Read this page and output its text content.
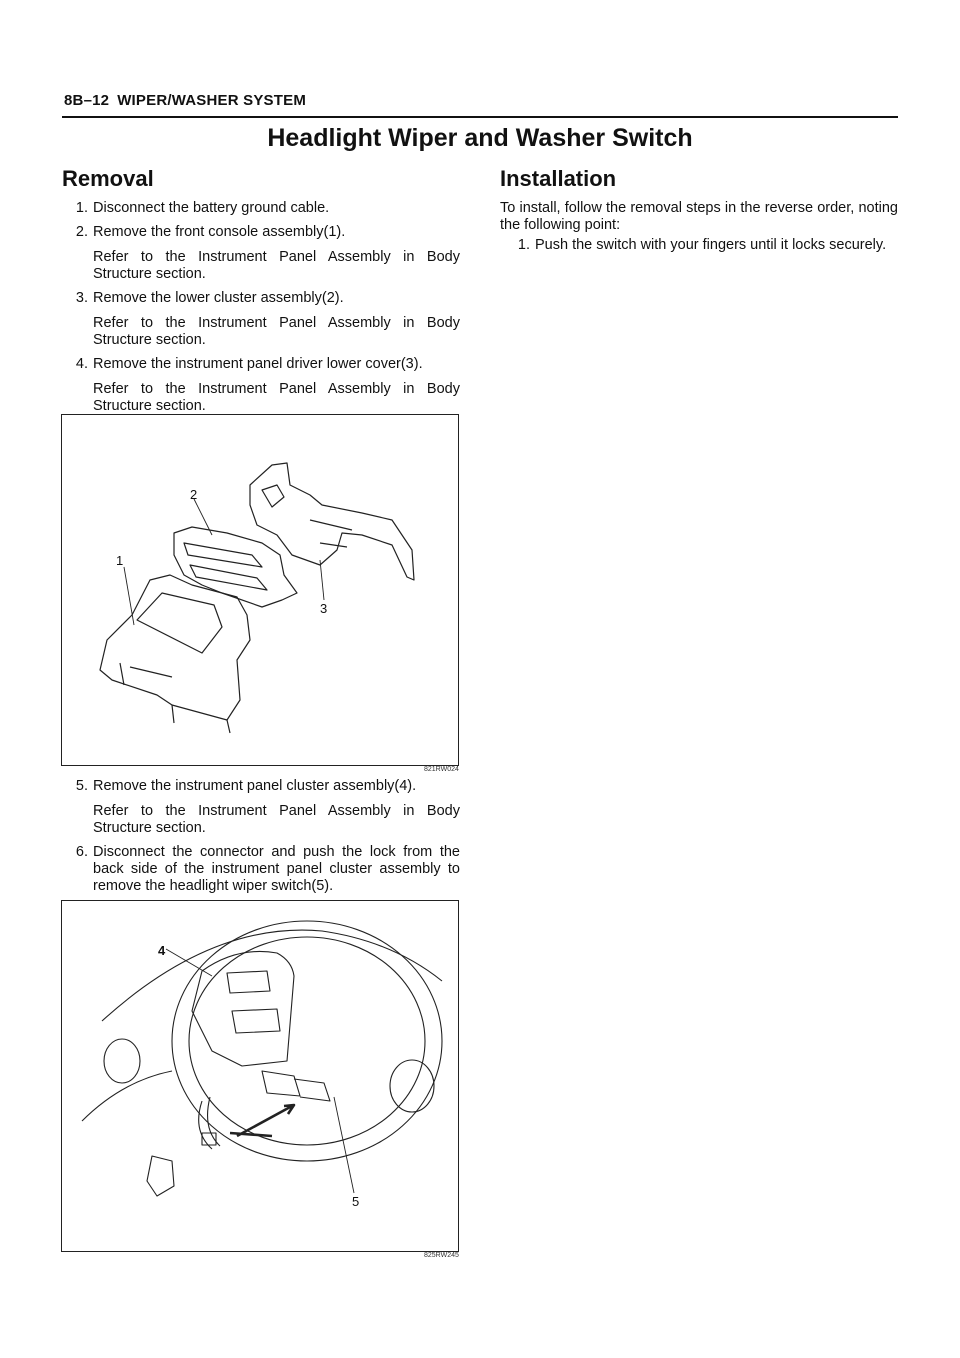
8B–12 WIPER/WASHER SYSTEM
Headlight Wiper and Washer Switch
Removal
1. Disconnect the battery ground cable.

2. Remove the front console assembly(1).

Refer to the Instrument Panel Assembly in Body Structure section.

3. Remove the lower cluster assembly(2).

Refer to the Instrument Panel Assembly in Body Structure section.

4. Remove the instrument panel driver lower cover(3).

Refer to the Instrument Panel Assembly in Body Structure section.

1
2
3
821RW024
5. Remove the instrument panel cluster assembly(4).

Refer to the Instrument Panel Assembly in Body Structure section.

6. Disconnect the connector and push the lock from the back side of the instrument panel cluster assembly to remove the headlight wiper switch(5).

4
5
825RW245
Installation

To install, follow the removal steps in the reverse order, noting the following point:

1. Push the switch with your fingers until it locks securely.
